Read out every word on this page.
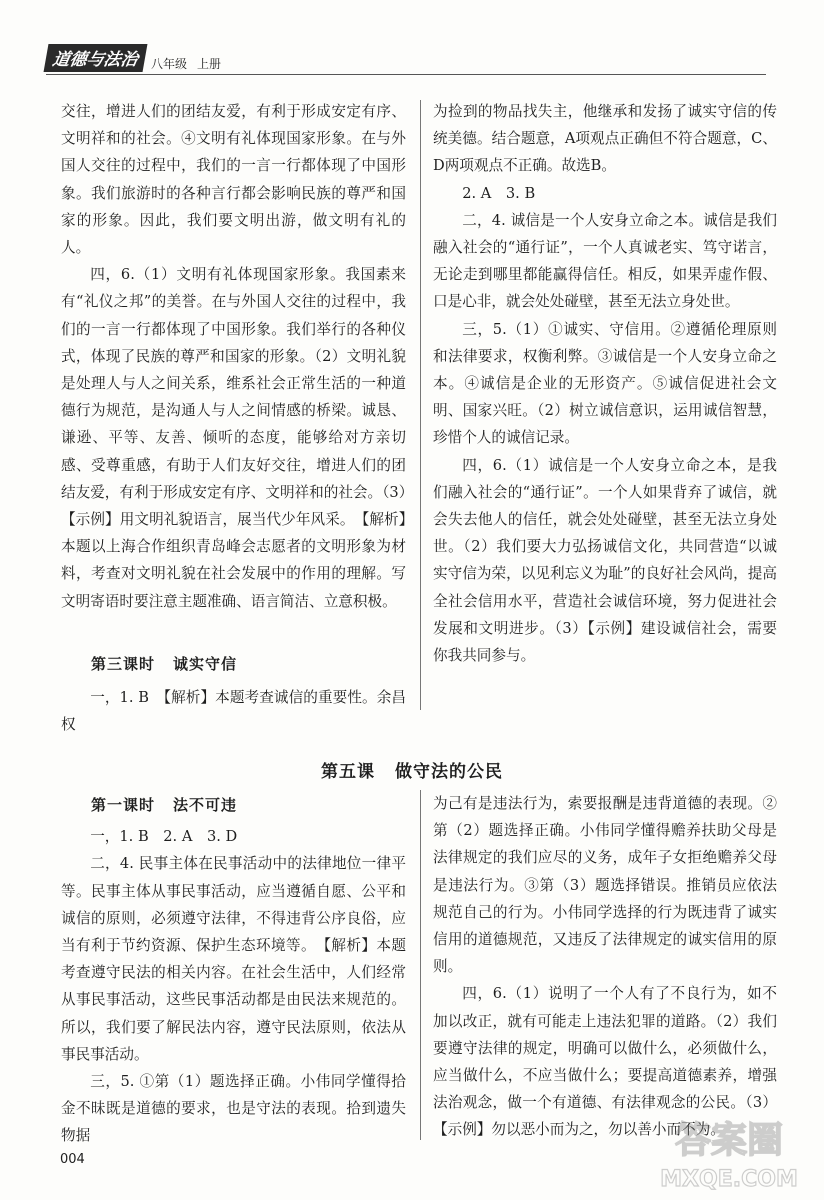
道德与法治 八年级 上册

交往，增进人们的团结友爱，有利于形成安定有序、文明祥和的社会。④文明有礼体现国家形象。在与外国人交往的过程中，我们的一言一行都体现了中国形象。我们旅游时的各种言行都会影响民族的尊严和国家的形象。因此，我们要文明出游，做文明有礼的人。

四，6.（1）文明有礼体现国家形象。我国素来有“礼仪之邦”的美誉。在与外国人交往的过程中，我们的一言一行都体现了中国形象。我们举行的各种仪式，体现了民族的尊严和国家的形象。（2）文明礼貌是处理人与人之间关系，维系社会正常生活的一种道德行为规范，是沟通人与人之间情感的桥梁。诚恳、谦逊、平等、友善、倾听的态度，能够给对方亲切感、受尊重感，有助于人们友好交往，增进人们的团结友爱，有利于形成安定有序、文明祥和的社会。（3）【示例】用文明礼貌语言，展当代少年风采。　【解析】本题以上海合作组织青岛峰会志愿者的文明形象为材料，考查对文明礼貌在社会发展中的作用的理解。写文明寄语时要注意主题准确、语言简洁、立意积极。

第三课时 诚实守信

一，1. B　【解析】本题考查诚信的重要性。余昌权

为捡到的物品找失主，他继承和发扬了诚实守信的传统美德。结合题意，A项观点正确但不符合题意，C、D两项观点不正确。故选B。

2. A　3. B

二，4. 诚信是一个人安身立命之本。诚信是我们融入社会的“通行证”，一个人真诚老实、笃守诺言，无论走到哪里都能赢得信任。相反，如果弄虚作假、口是心非，就会处处碰壁，甚至无法立身处世。

三，5.（1）①诚实、守信用。②遵循伦理原则和法律要求，权衡利弊。③诚信是一个人安身立命之本。④诚信是企业的无形资产。⑤诚信促进社会文明、国家兴旺。（2）树立诚信意识，运用诚信智慧，珍惜个人的诚信记录。

四，6.（1）诚信是一个人安身立命之本，是我们融入社会的“通行证”。一个人如果背弃了诚信，就会失去他人的信任，就会处处碰壁，甚至无法立身处世。（2）我们要大力弘扬诚信文化，共同营造“以诚实守信为荣，以见利忘义为耻”的良好社会风尚，提高全社会信用水平，营造社会诚信环境，努力促进社会发展和文明进步。（3）【示例】建设诚信社会，需要你我共同参与。

第五课 做守法的公民

第一课时 法不可违

一，1. B　2. A　3. D

二，4. 民事主体在民事活动中的法律地位一律平等。民事主体从事民事活动，应当遵循自愿、公平和诚信的原则，必须遵守法律，不得违背公序良俗，应当有利于节约资源、保护生态环境等。　【解析】本题考查遵守民法的相关内容。在社会生活中，人们经常从事民事活动，这些民事活动都是由民法来规范的。所以，我们要了解民法内容，遵守民法原则，依法从事民事活动。

三，5. ①第（1）题选择正确。小伟同学懂得拾金不昧既是道德的要求，也是守法的表现。拾到遗失物据

为己有是违法行为，索要报酬是违背道德的表现。②第（2）题选择正确。小伟同学懂得赡养扶助父母是法律规定的我们应尽的义务，成年子女拒绝赡养父母是违法行为。③第（3）题选择错误。推销员应依法规范自己的行为。小伟同学选择的行为既违背了诚实信用的道德规范，又违反了法律规定的诚实信用的原则。

四，6.（1）说明了一个人有了不良行为，如不加以改正，就有可能走上违法犯罪的道路。（2）我们要遵守法律的规定，明确可以做什么，必须做什么，应当做什么，不应当做什么；要提高道德素养，增强法治观念，做一个有道德、有法律观念的公民。（3）【示例】勿以恶小而为之，勿以善小而不为。

004	答案圈
MXQE.COM
